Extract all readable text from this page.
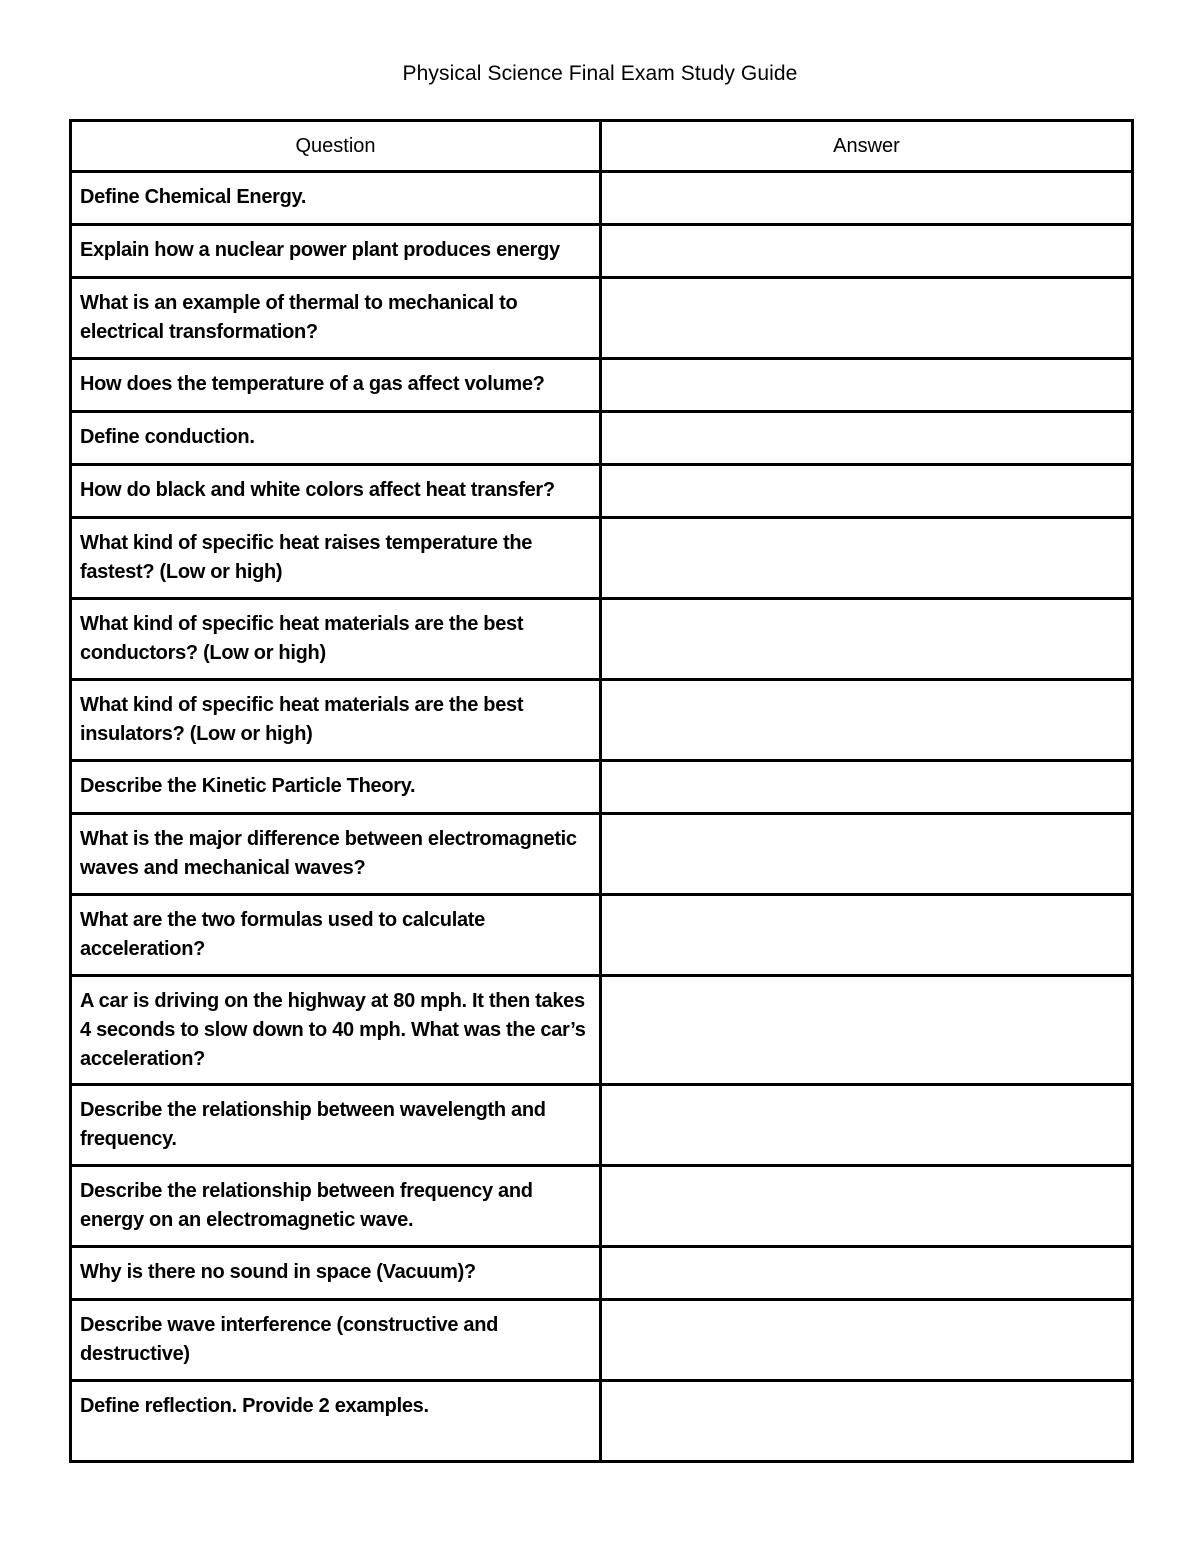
Physical Science Final Exam Study Guide
Question	Answer
Define Chemical Energy.	
Explain how a nuclear power plant produces energy	
What is an example of thermal to mechanical to electrical transformation?	
How does the temperature of a gas affect volume?	
Define conduction.	
How do black and white colors affect heat transfer?	
What kind of specific heat raises temperature the fastest? (Low or high)	
What kind of specific heat materials are the best conductors? (Low or high)	
What kind of specific heat materials are the best insulators? (Low or high)	
Describe the Kinetic Particle Theory.	
What is the major difference between electromagnetic waves and mechanical waves?	
What are the two formulas used to calculate acceleration?	
A car is driving on the highway at 80 mph. It then takes 4 seconds to slow down to 40 mph. What was the car’s acceleration?	
Describe the relationship between wavelength and frequency.	
Describe the relationship between frequency and energy on an electromagnetic wave.	
Why is there no sound in space (Vacuum)?	
Describe wave interference (constructive and destructive)	
Define reflection. Provide 2 examples.	
